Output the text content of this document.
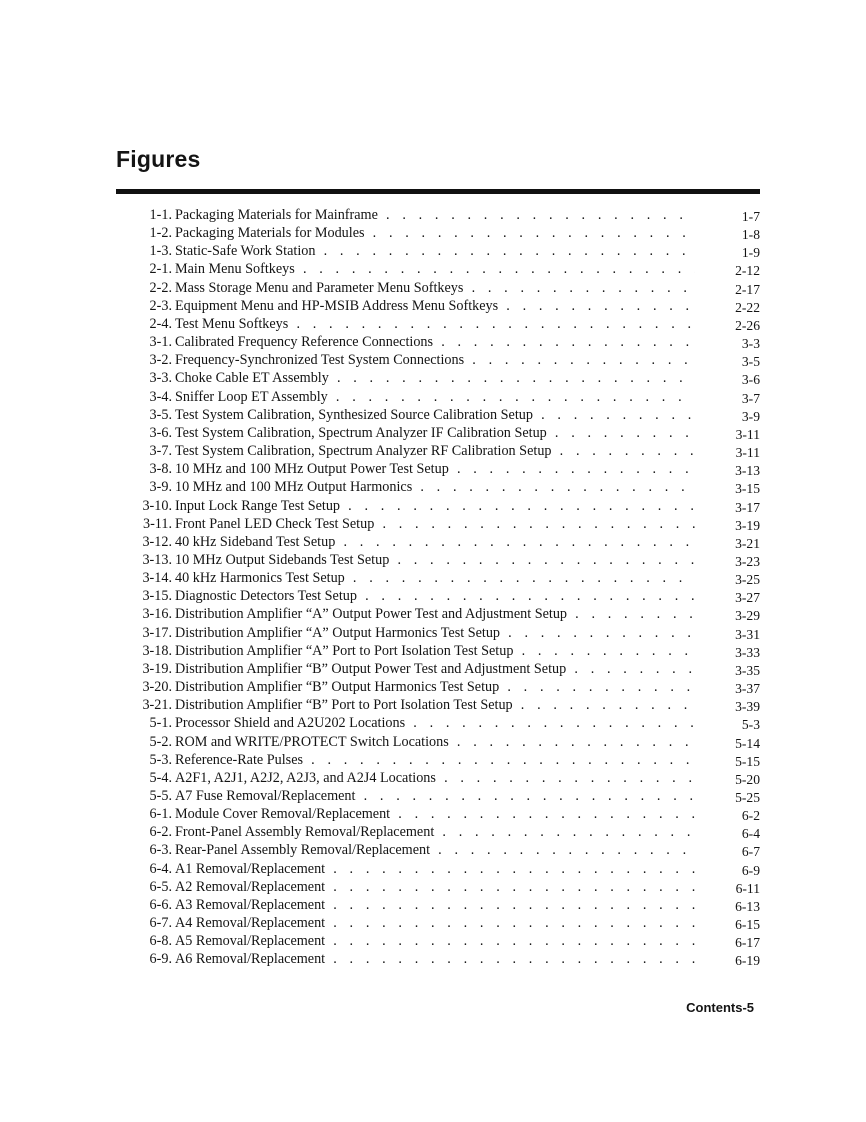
Figures
1-1. Packaging Materials for Mainframe . . .	1-7
1-2. Packaging Materials for Modules . . .	1-8
1-3. Static-Safe Work Station . . .	1-9
2-1. Main Menu Softkeys . . .	2-12
2-2. Mass Storage Menu and Parameter Menu Softkeys . . .	2-17
2-3. Equipment Menu and HP-MSIB Address Menu Softkeys . . .	2-22
2-4. Test Menu Softkeys . . .	2-26
3-1. Calibrated Frequency Reference Connections . . .	3-3
3-2. Frequency-Synchronized Test System Connections . . .	3-5
3-3. Choke Cable ET Assembly . . .	3-6
3-4. Sniffer Loop ET Assembly . . .	3-7
3-5. Test System Calibration, Synthesized Source Calibration Setup . . .	3-9
3-6. Test System Calibration, Spectrum Analyzer IF Calibration Setup . . .	3-11
3-7. Test System Calibration, Spectrum Analyzer RF Calibration Setup . . .	3-11
3-8. 10 MHz and 100 MHz Output Power Test Setup . . .	3-13
3-9. 10 MHz and 100 MHz Output Harmonics . . .	3-15
3-10. Input Lock Range Test Setup . . .	3-17
3-11. Front Panel LED Check Test Setup . . .	3-19
3-12. 40 kHz Sideband Test Setup . . .	3-21
3-13. 10 MHz Output Sidebands Test Setup . . .	3-23
3-14. 40 kHz Harmonics Test Setup . . .	3-25
3-15. Diagnostic Detectors Test Setup . . .	3-27
3-16. Distribution Amplifier “A” Output Power Test and Adjustment Setup . . .	3-29
3-17. Distribution Amplifier “A” Output Harmonics Test Setup . . .	3-31
3-18. Distribution Amplifier “A” Port to Port Isolation Test Setup . . .	3-33
3-19. Distribution Amplifier “B” Output Power Test and Adjustment Setup . . .	3-35
3-20. Distribution Amplifier “B” Output Harmonics Test Setup . . .	3-37
3-21. Distribution Amplifier “B” Port to Port Isolation Test Setup . . .	3-39
5-1. Processor Shield and A2U202 Locations . . .	5-3
5-2. ROM and WRITE/PROTECT Switch Locations . . .	5-14
5-3. Reference-Rate Pulses . . .	5-15
5-4. A2F1, A2J1, A2J2, A2J3, and A2J4 Locations . . .	5-20
5-5. A7 Fuse Removal/Replacement . . .	5-25
6-1. Module Cover Removal/Replacement . . .	6-2
6-2. Front-Panel Assembly Removal/Replacement . . .	6-4
6-3. Rear-Panel Assembly Removal/Replacement . . .	6-7
6-4. A1 Removal/Replacement . . .	6-9
6-5. A2 Removal/Replacement . . .	6-11
6-6. A3 Removal/Replacement . . .	6-13
6-7. A4 Removal/Replacement . . .	6-15
6-8. A5 Removal/Replacement . . .	6-17
6-9. A6 Removal/Replacement . . .	6-19
Contents-5
